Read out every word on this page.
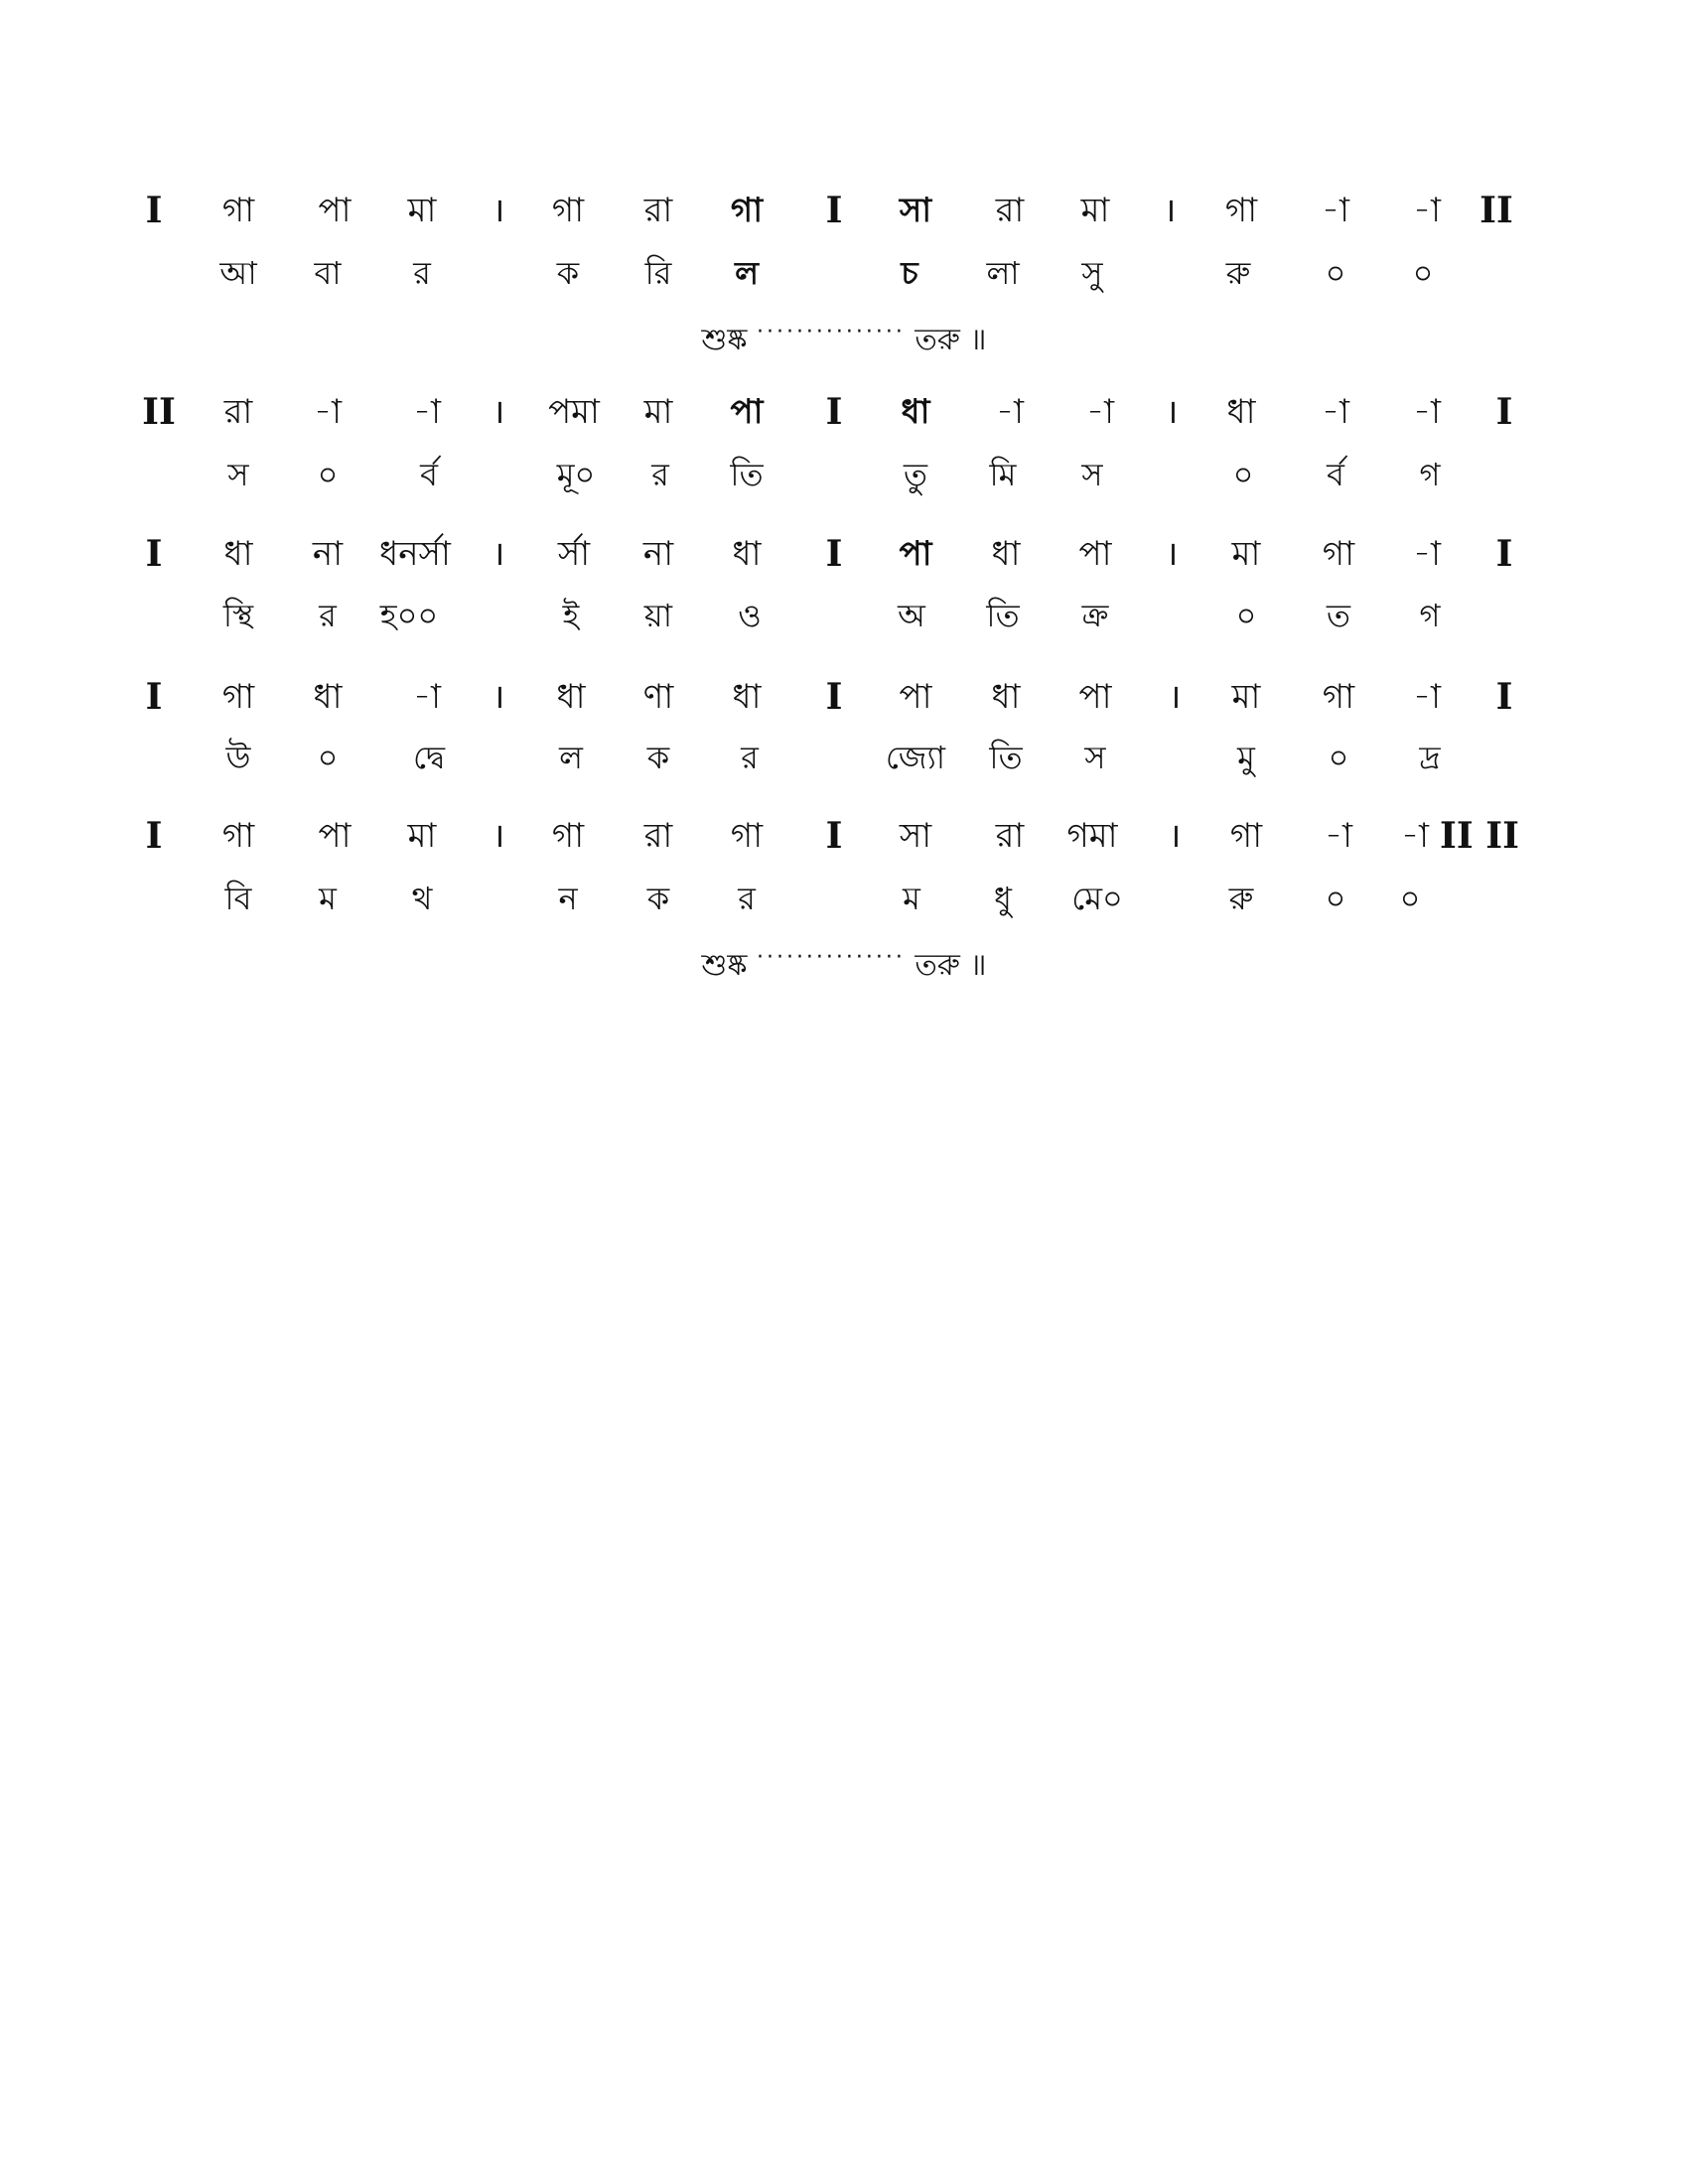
I গা পা মা । গা রা গা I সা রা মা । গা -া -া II
আ বা র	ক রি ল	চ লা সু	রু ০ ০
শুষ্ক ··············· তরু ॥
II রা -া -া । পমা মা পা I ধা -া -া । ধা -া -া I
স ০	র্ব	মূ০ র তি	তু মি স	০ র্ব গ
I ধা না ধনর্সা । র্সা না ধা I পা ধা পা । মা গা -া I
স্থি র হ০০	ই য়া ও	অ তি ক্র	০ ত গ
I গা ধা -া । ধা ণা ধা I পা ধা পা । মা গা -া I
উ ০ দ্বে	ল ক র	জ্যো তি স	মু ০ দ্র
I গা পা মা । গা রা গা I সা রা গমা । গা -া -া II II
বি ম থ	ন ক র	ম ধু মে০	রু ০ ০
শুষ্ক ··············· তরু ॥
